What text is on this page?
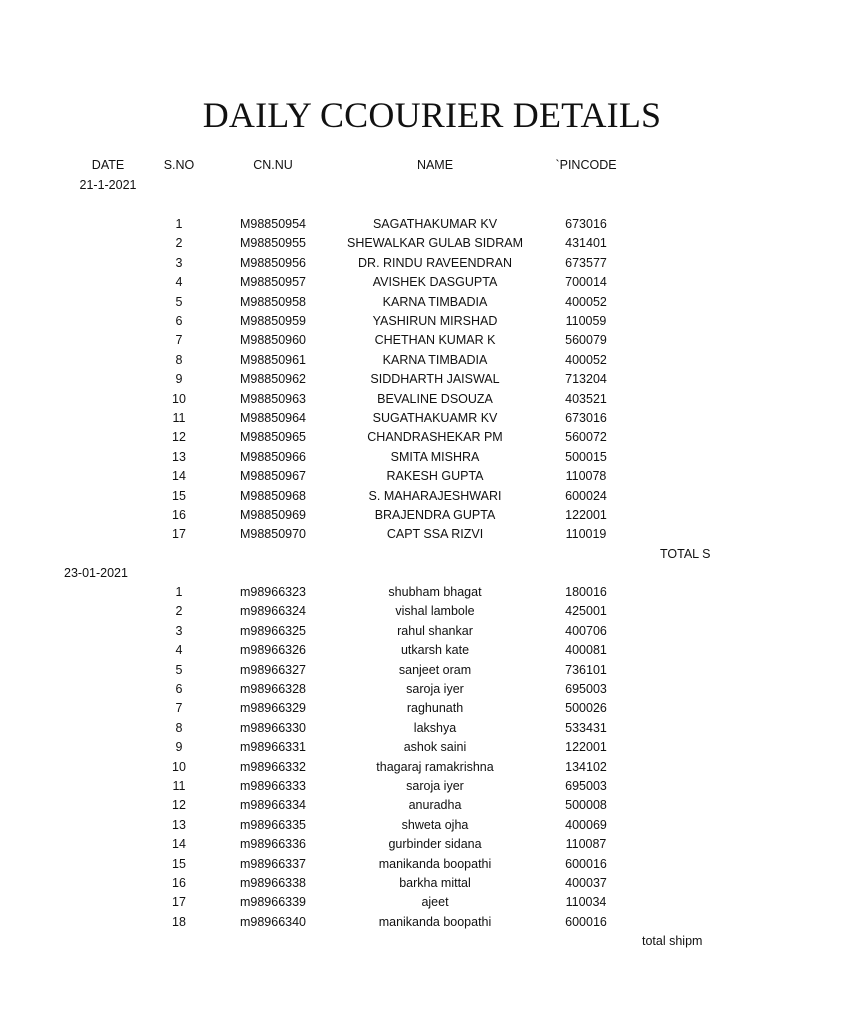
DAILY CCOURIER DETAILS
DATE	S.NO	CN.NU	NAME	`PINCODE
21-1-2021
1	M98850954	SAGATHAKUMAR KV	673016
2	M98850955	SHEWALKAR GULAB SIDRAM	431401
3	M98850956	DR. RINDU RAVEENDRAN	673577
4	M98850957	AVISHEK DASGUPTA	700014
5	M98850958	KARNA TIMBADIA	400052
6	M98850959	YASHIRUN MIRSHAD	110059
7	M98850960	CHETHAN KUMAR K	560079
8	M98850961	KARNA TIMBADIA	400052
9	M98850962	SIDDHARTH JAISWAL	713204
10	M98850963	BEVALINE DSOUZA	403521
11	M98850964	SUGATHAKUAMR KV	673016
12	M98850965	CHANDRASHEKAR PM	560072
13	M98850966	SMITA MISHRA	500015
14	M98850967	RAKESH GUPTA	110078
15	M98850968	S. MAHARAJESHWARI	600024
16	M98850969	BRAJENDRA GUPTA	122001
17	M98850970	CAPT SSA RIZVI	110019
TOTAL S
23-01-2021
1	m98966323	shubham bhagat	180016
2	m98966324	vishal lambole	425001
3	m98966325	rahul shankar	400706
4	m98966326	utkarsh kate	400081
5	m98966327	sanjeet oram	736101
6	m98966328	saroja iyer	695003
7	m98966329	raghunath	500026
8	m98966330	lakshya	533431
9	m98966331	ashok saini	122001
10	m98966332	thagaraj ramakrishna	134102
11	m98966333	saroja iyer	695003
12	m98966334	anuradha	500008
13	m98966335	shweta ojha	400069
14	m98966336	gurbinder sidana	110087
15	m98966337	manikanda boopathi	600016
16	m98966338	barkha mittal	400037
17	m98966339	ajeet	110034
18	m98966340	manikanda boopathi	600016
total shipm
